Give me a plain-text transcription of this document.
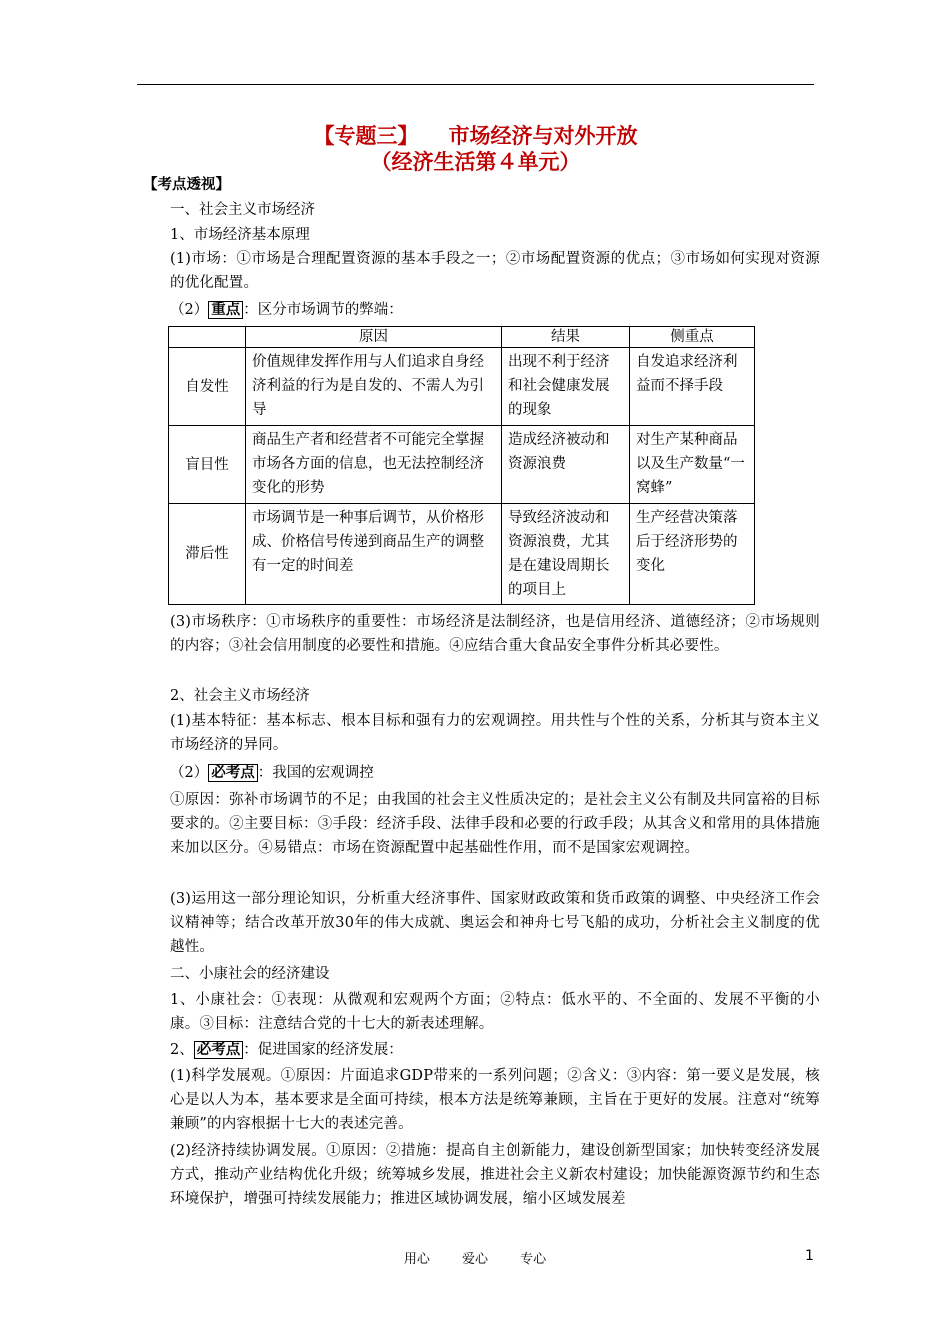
【专题三】 市场经济与对外开放
（经济生活第４单元）
【考点透视】
一、社会主义市场经济
1、市场经济基本原理
(1)市场：①市场是合理配置资源的基本手段之一；②市场配置资源的优点；③市场如何实现对资源的优化配置。
（2） 重点 ：区分市场调节的弊端：
	原因	结果	侧重点
自发性	价值规律发挥作用与人们追求自身经济利益的行为是自发的、不需人为引导	出现不利于经济和社会健康发展的现象	自发追求经济利益而不择手段
盲目性	商品生产者和经营者不可能完全掌握市场各方面的信息，也无法控制经济变化的形势	造成经济被动和资源浪费	对生产某种商品以及生产数量“一窝蜂”
滞后性	市场调节是一种事后调节，从价格形成、价格信号传递到商品生产的调整有一定的时间差	导致经济波动和资源浪费，尤其是在建设周期长的项目上	生产经营决策落后于经济形势的变化
(3)市场秩序：①市场秩序的重要性：市场经济是法制经济，也是信用经济、道德经济；②市场规则的内容；③社会信用制度的必要性和措施。④应结合重大食品安全事件分析其必要性。
2、社会主义市场经济
(1)基本特征：基本标志、根本目标和强有力的宏观调控。用共性与个性的关系，分析其与资本主义市场经济的异同。
（2） 必考点 ：我国的宏观调控
①原因：弥补市场调节的不足；由我国的社会主义性质决定的；是社会主义公有制及共同富裕的目标要求的。②主要目标：③手段：经济手段、法律手段和必要的行政手段；从其含义和常用的具体措施来加以区分。④易错点：市场在资源配置中起基础性作用，而不是国家宏观调控。
(3)运用这一部分理论知识，分析重大经济事件、国家财政政策和货币政策的调整、中央经济工作会议精神等；结合改革开放30年的伟大成就、奥运会和神舟七号飞船的成功，分析社会主义制度的优越性。
二、小康社会的经济建设
1、小康社会：①表现：从微观和宏观两个方面；②特点：低水平的、不全面的、发展不平衡的小康。③目标：注意结合党的十七大的新表述理解。
2、 必考点 ：促进国家的经济发展：
(1)科学发展观。①原因：片面追求GDP带来的一系列问题；②含义：③内容：第一要义是发展，核心是以人为本，基本要求是全面可持续，根本方法是统筹兼顾，主旨在于更好的发展。注意对“统筹兼顾”的内容根据十七大的表述完善。
(2)经济持续协调发展。①原因：②措施：提高自主创新能力，建设创新型国家；加快转变经济发展方式，推动产业结构优化升级；统筹城乡发展，推进社会主义新农村建设；加快能源资源节约和生态环境保护，增强可持续发展能力；推进区域协调发展，缩小区域发展差
用心 爱心 专心	1
